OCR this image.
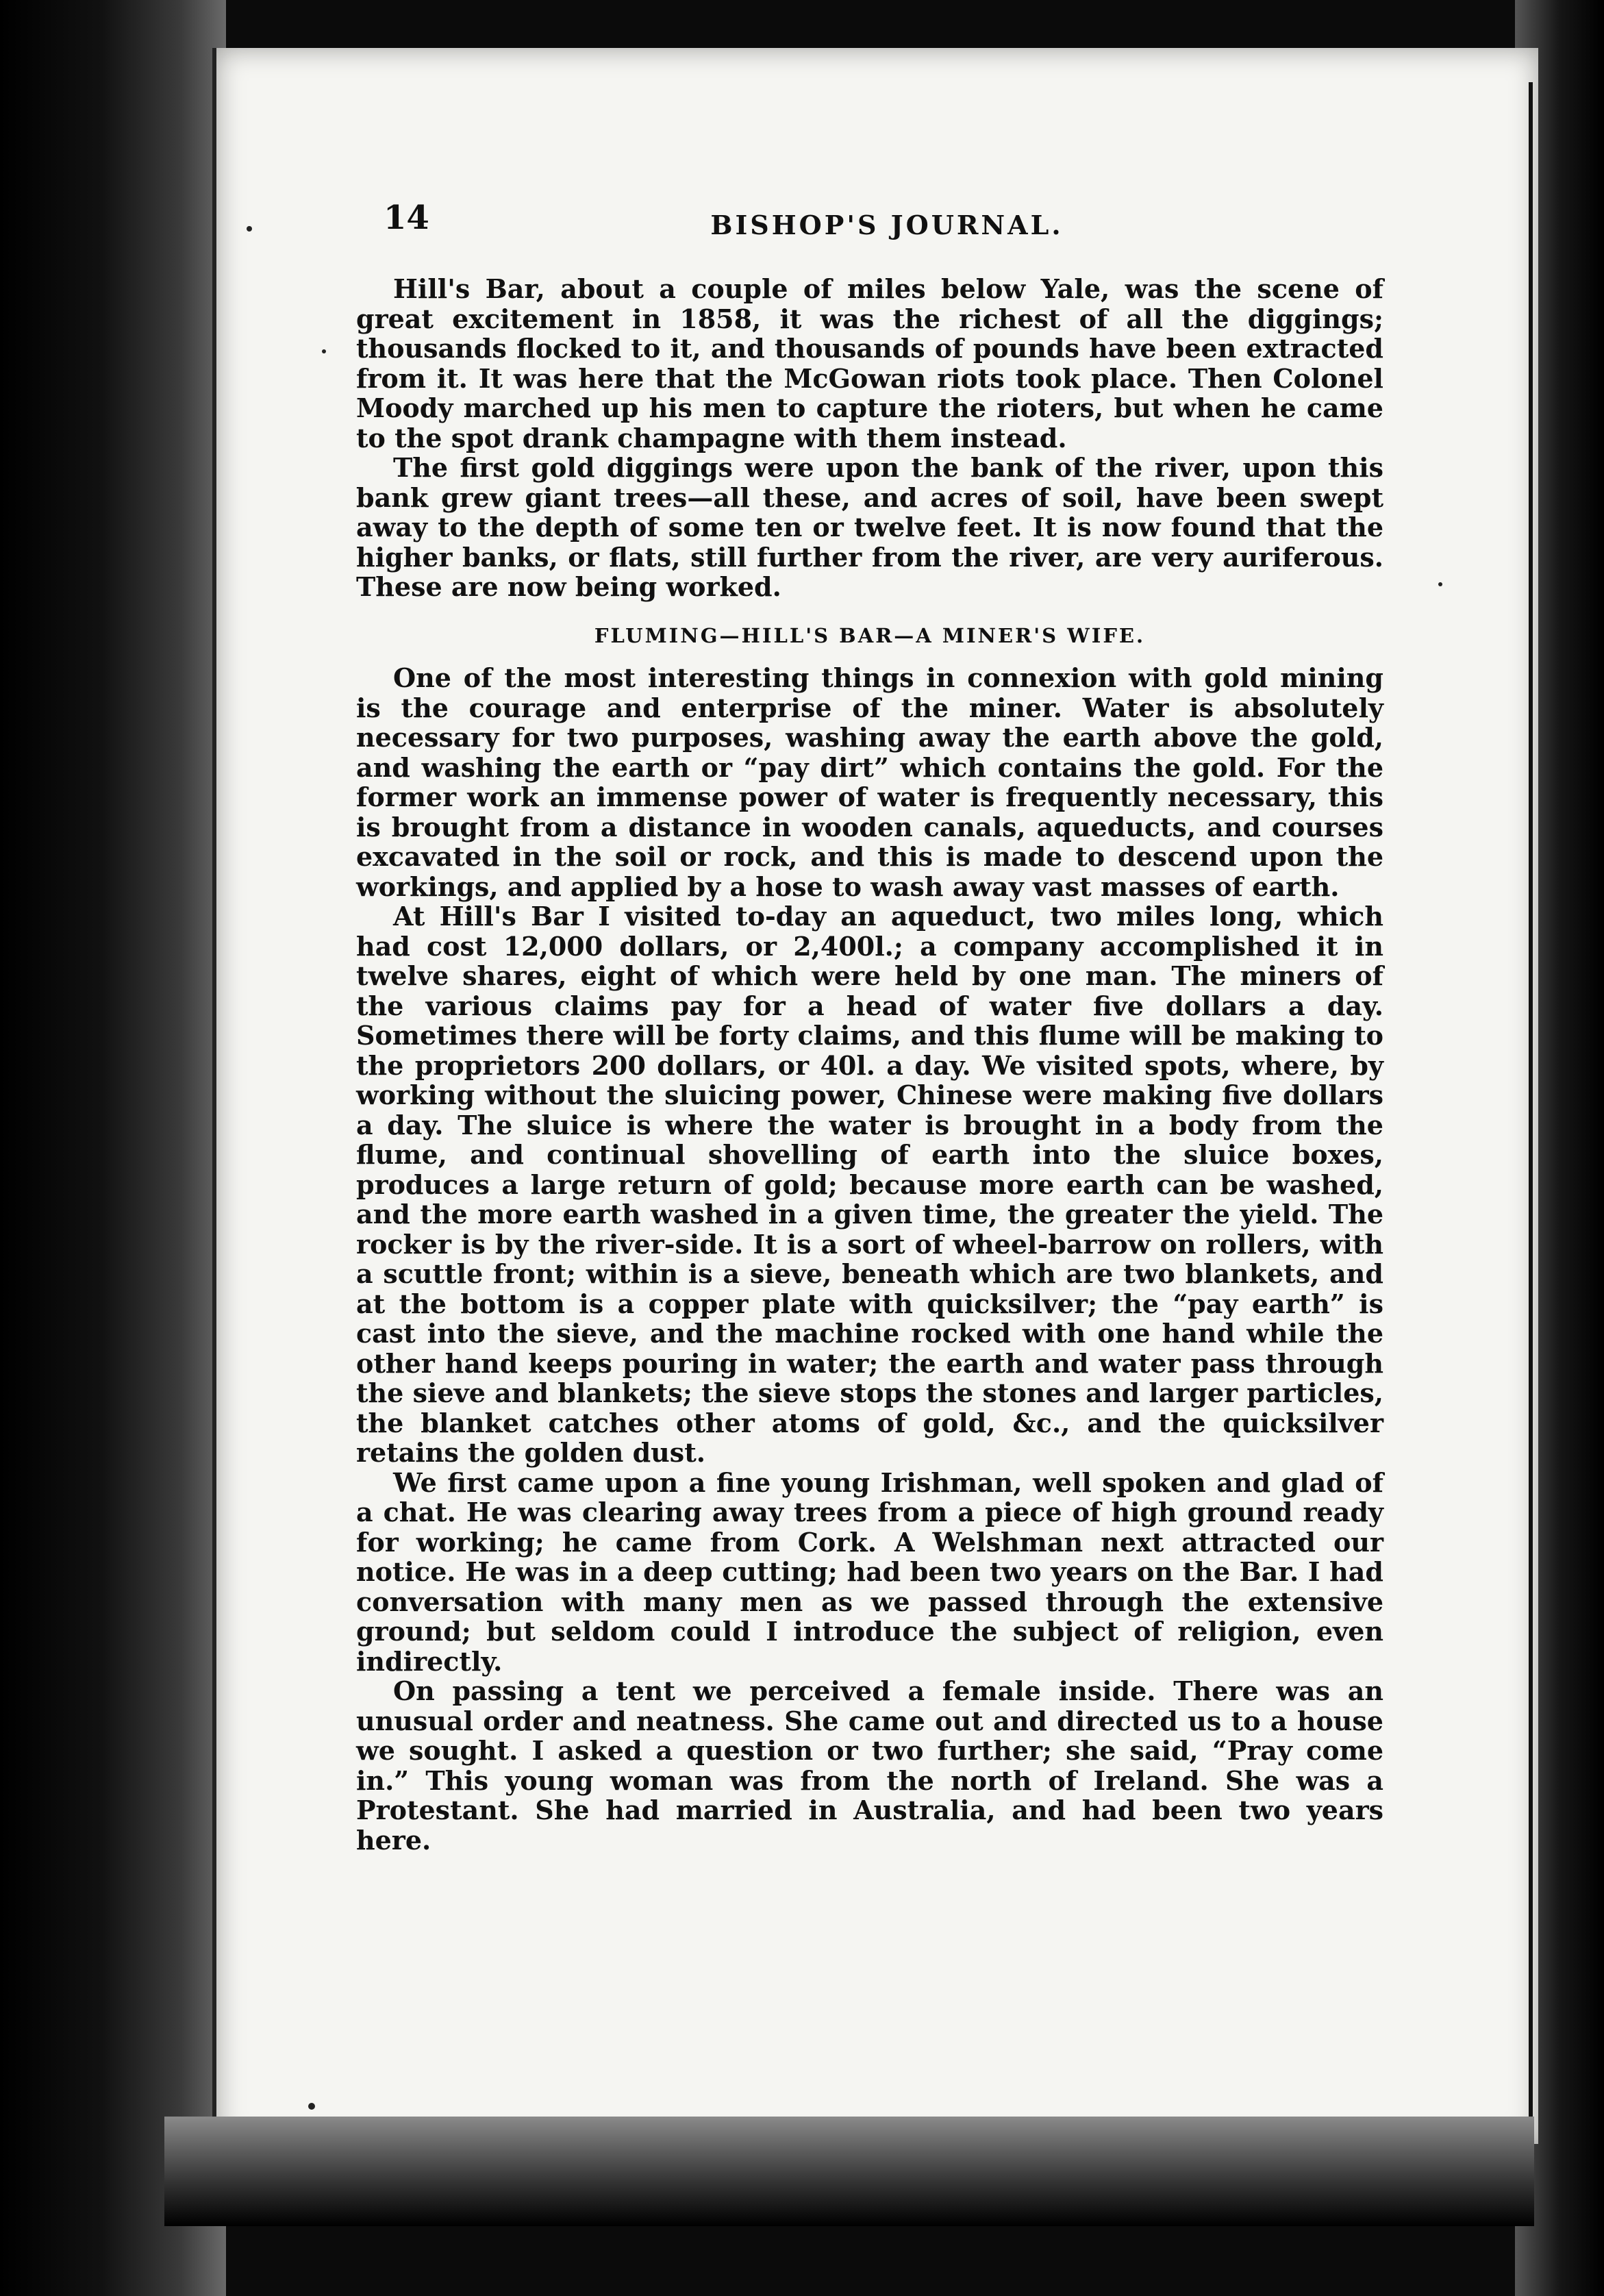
14	BISHOP'S JOURNAL.

Hill's Bar, about a couple of miles below Yale, was the scene of great excitement in 1858, it was the richest of all the diggings; thousands flocked to it, and thousands of pounds have been extracted from it. It was here that the McGowan riots took place. Then Colonel Moody marched up his men to capture the rioters, but when he came to the spot drank champagne with them instead.

The first gold diggings were upon the bank of the river, upon this bank grew giant trees—all these, and acres of soil, have been swept away to the depth of some ten or twelve feet. It is now found that the higher banks, or flats, still further from the river, are very auriferous. These are now being worked.

FLUMING—HILL'S BAR—A MINER'S WIFE.

One of the most interesting things in connexion with gold mining is the courage and enterprise of the miner. Water is absolutely necessary for two purposes, washing away the earth above the gold, and washing the earth or “pay dirt” which contains the gold. For the former work an immense power of water is frequently necessary, this is brought from a distance in wooden canals, aqueducts, and courses excavated in the soil or rock, and this is made to descend upon the workings, and applied by a hose to wash away vast masses of earth.

At Hill's Bar I visited to-day an aqueduct, two miles long, which had cost 12,000 dollars, or 2,400l.; a company accomplished it in twelve shares, eight of which were held by one man. The miners of the various claims pay for a head of water five dollars a day. Sometimes there will be forty claims, and this flume will be making to the proprietors 200 dollars, or 40l. a day. We visited spots, where, by working without the sluicing power, Chinese were making five dollars a day. The sluice is where the water is brought in a body from the flume, and continual shovelling of earth into the sluice boxes, produces a large return of gold; because more earth can be washed, and the more earth washed in a given time, the greater the yield. The rocker is by the river-side. It is a sort of wheel-barrow on rollers, with a scuttle front; within is a sieve, beneath which are two blankets, and at the bottom is a copper plate with quicksilver; the “pay earth” is cast into the sieve, and the machine rocked with one hand while the other hand keeps pouring in water; the earth and water pass through the sieve and blankets; the sieve stops the stones and larger particles, the blanket catches other atoms of gold, &c., and the quicksilver retains the golden dust.

We first came upon a fine young Irishman, well spoken and glad of a chat. He was clearing away trees from a piece of high ground ready for working; he came from Cork. A Welshman next attracted our notice. He was in a deep cutting; had been two years on the Bar. I had conversation with many men as we passed through the extensive ground; but seldom could I introduce the subject of religion, even indirectly.

On passing a tent we perceived a female inside. There was an unusual order and neatness. She came out and directed us to a house we sought. I asked a question or two further; she said, “Pray come in.” This young woman was from the north of Ireland. She was a Protestant. She had married in Australia, and had been two years here.
